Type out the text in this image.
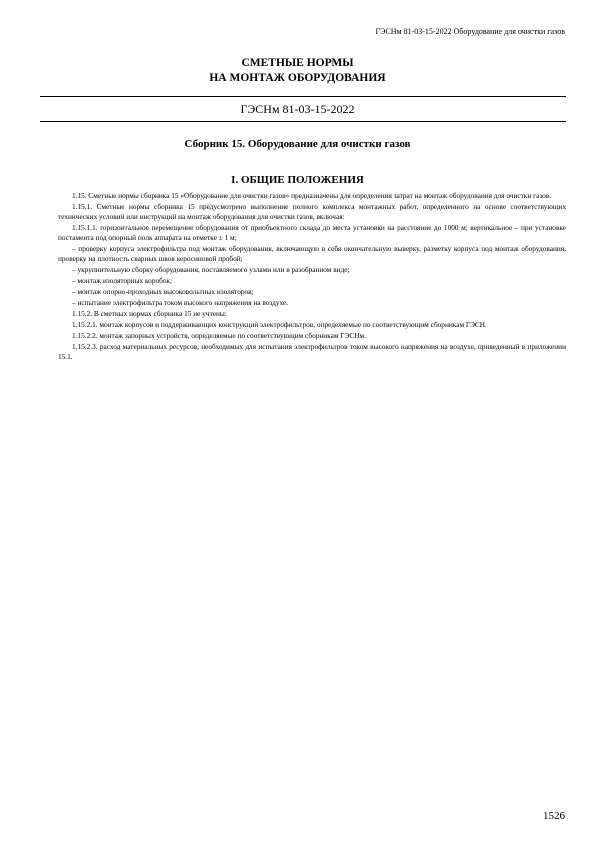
ГЭСНм 81-03-15-2022 Оборудование для очистки газов
СМЕТНЫЕ НОРМЫ
НА МОНТАЖ ОБОРУДОВАНИЯ
ГЭСНм 81-03-15-2022
Сборник 15. Оборудование для очистки газов
I. ОБЩИЕ ПОЛОЖЕНИЯ

1.15. Сметные нормы сборника 15 «Оборудование для очистки газов» предназначены для определения затрат на монтаж оборудования для очистки газов.

1.15.1. Сметные нормы сборника 15 предусмотрено выполнение полного комплекса монтажных работ, определенного на основе соответствующих технических условий или инструкций на монтаж оборудования для очистки газов, включая:

1.15.1.1. горизонтальное перемещение оборудования от приобъектного склада до места установки на расстояние до 1000 м; вертикальное – при установке постамента под опорный полк аппарата на отметке ± 1 м;

– проверку корпуса электрофильтра под монтаж оборудования, включающую в себя окончательную выверку, разметку корпуса под монтаж оборудования, проверку на плотность сварных швов керосиновой пробой;

– укрупнительную сборку оборудования, поставляемого узлами или в разобранном виде;

– монтаж изоляторных коробок;

– монтаж опорно-проходных высоковольтных изоляторов;

– испытание электрофильтра током высокого напряжения на воздухе.

1.15.2. В сметных нормах сборника 15 не учтены:

1.15.2.1. монтаж корпусов и поддерживающих конструкций электрофильтров, определяемые по соответствующим сборникам ГЭСН.

1.15.2.2. монтаж запорных устройств, определяемые по соответствующим сборникам ГЭСНм.

1.15.2.3. расход материальных ресурсов, необходимых для испытания электрофильтров током высокого напряжения на воздухе, приведенный в приложении 15.1.

1526
